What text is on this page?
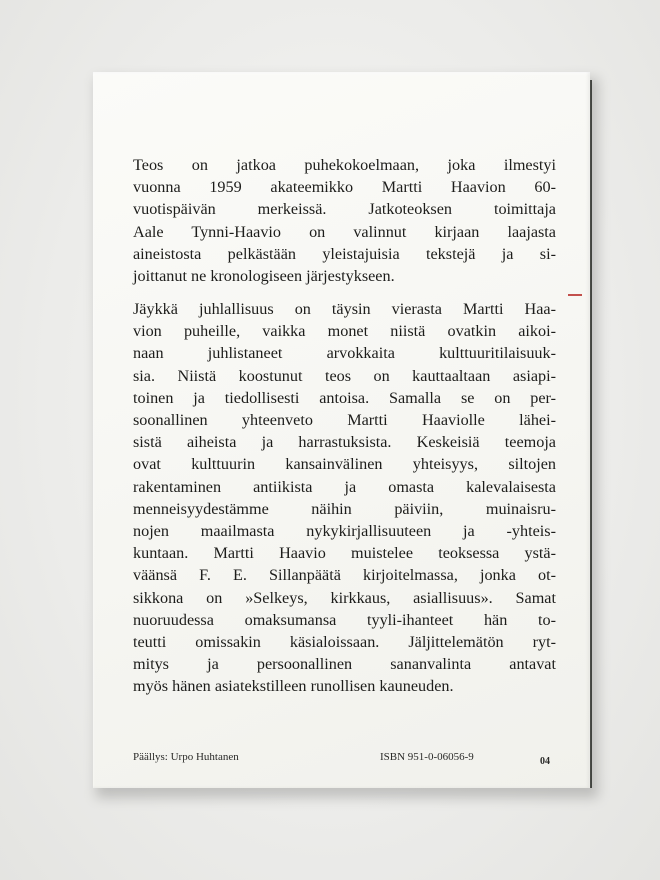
Teos on jatkoa puhekokoelmaan, joka ilmestyi
vuonna 1959 akateemikko Martti Haavion 60-
vuotispäivän merkeissä. Jatkoteoksen toimittaja
Aale Tynni-Haavio on valinnut kirjaan laajasta
aineistosta pelkästään yleistajuisia tekstejä ja si-
joittanut ne kronologiseen järjestykseen.
Jäykkä juhlallisuus on täysin vierasta Martti Haa-
vion puheille, vaikka monet niistä ovatkin aikoi-
naan juhlistaneet arvokkaita kulttuuritilaisuuk-
sia. Niistä koostunut teos on kauttaaltaan asiapi-
toinen ja tiedollisesti antoisa. Samalla se on per-
soonallinen yhteenveto Martti Haaviolle lähei-
sistä aiheista ja harrastuksista. Keskeisiä teemoja
ovat kulttuurin kansainvälinen yhteisyys, siltojen
rakentaminen antiikista ja omasta kalevalaisesta
menneisyydestämme näihin päiviin, muinaisru-
nojen maailmasta nykykirjallisuuteen ja -yhteis-
kuntaan. Martti Haavio muistelee teoksessa ystä-
väänsä F. E. Sillanpäätä kirjoitelmassa, jonka ot-
sikkona on »Selkeys, kirkkaus, asiallisuus». Samat
nuoruudessa omaksumansa tyyli-ihanteet hän to-
teutti omissakin käsialoissaan. Jäljittelemätön ryt-
mitys ja persoonallinen sananvalinta antavat
myös hänen asiatekstilleen runollisen kauneuden.
Päällys: Urpo Huhtanen	ISBN 951-0-06056-9	04
